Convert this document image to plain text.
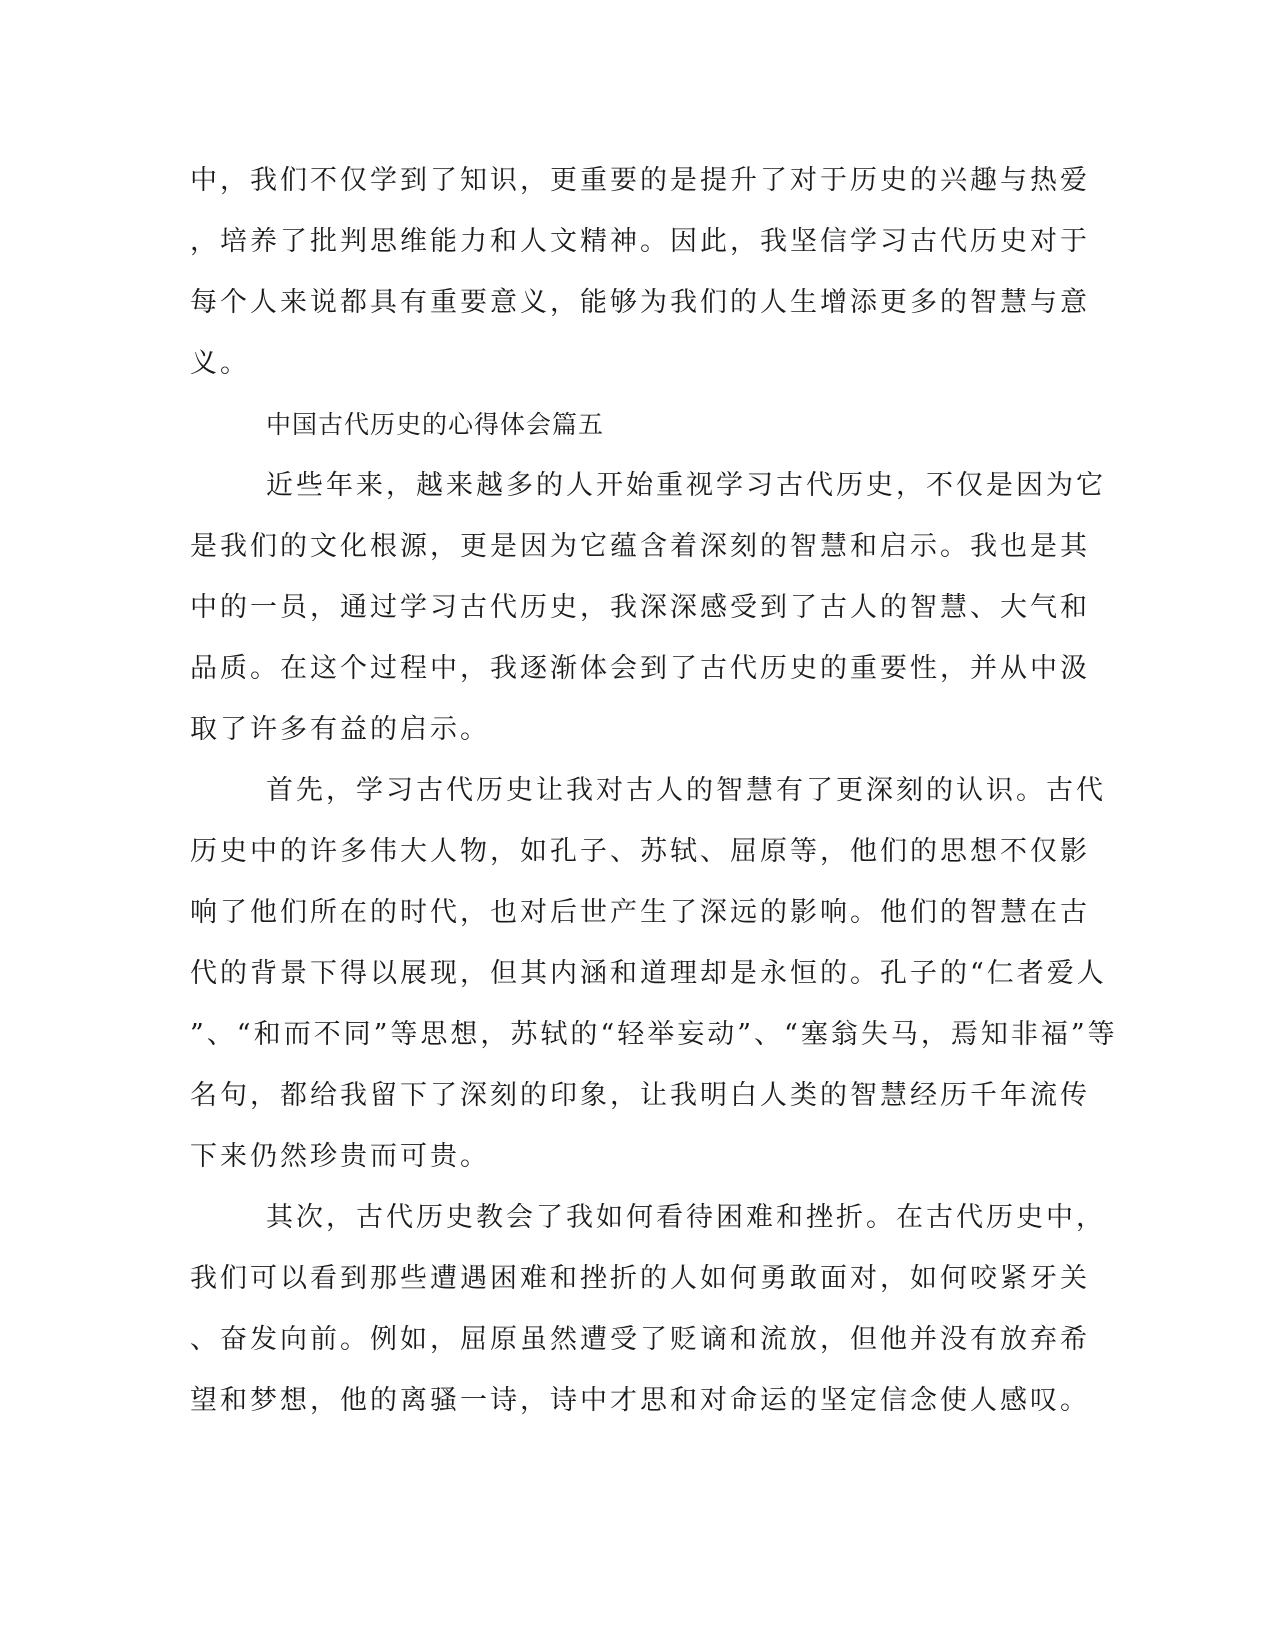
中，我们不仅学到了知识，更重要的是提升了对于历史的兴趣与热爱
，培养了批判思维能力和人文精神。因此，我坚信学习古代历史对于
每个人来说都具有重要意义，能够为我们的人生增添更多的智慧与意
义。
中国古代历史的心得体会篇五
近些年来，越来越多的人开始重视学习古代历史，不仅是因为它
是我们的文化根源，更是因为它蕴含着深刻的智慧和启示。我也是其
中的一员，通过学习古代历史，我深深感受到了古人的智慧、大气和
品质。在这个过程中，我逐渐体会到了古代历史的重要性，并从中汲
取了许多有益的启示。
首先，学习古代历史让我对古人的智慧有了更深刻的认识。古代
历史中的许多伟大人物，如孔子、苏轼、屈原等，他们的思想不仅影
响了他们所在的时代，也对后世产生了深远的影响。他们的智慧在古
代的背景下得以展现，但其内涵和道理却是永恒的。孔子的“仁者爱人
”、“和而不同”等思想，苏轼的“轻举妄动”、“塞翁失马，焉知非福”等
名句，都给我留下了深刻的印象，让我明白人类的智慧经历千年流传
下来仍然珍贵而可贵。
其次，古代历史教会了我如何看待困难和挫折。在古代历史中，
我们可以看到那些遭遇困难和挫折的人如何勇敢面对，如何咬紧牙关
、奋发向前。例如，屈原虽然遭受了贬谪和流放，但他并没有放弃希
望和梦想，他的离骚一诗，诗中才思和对命运的坚定信念使人感叹。
